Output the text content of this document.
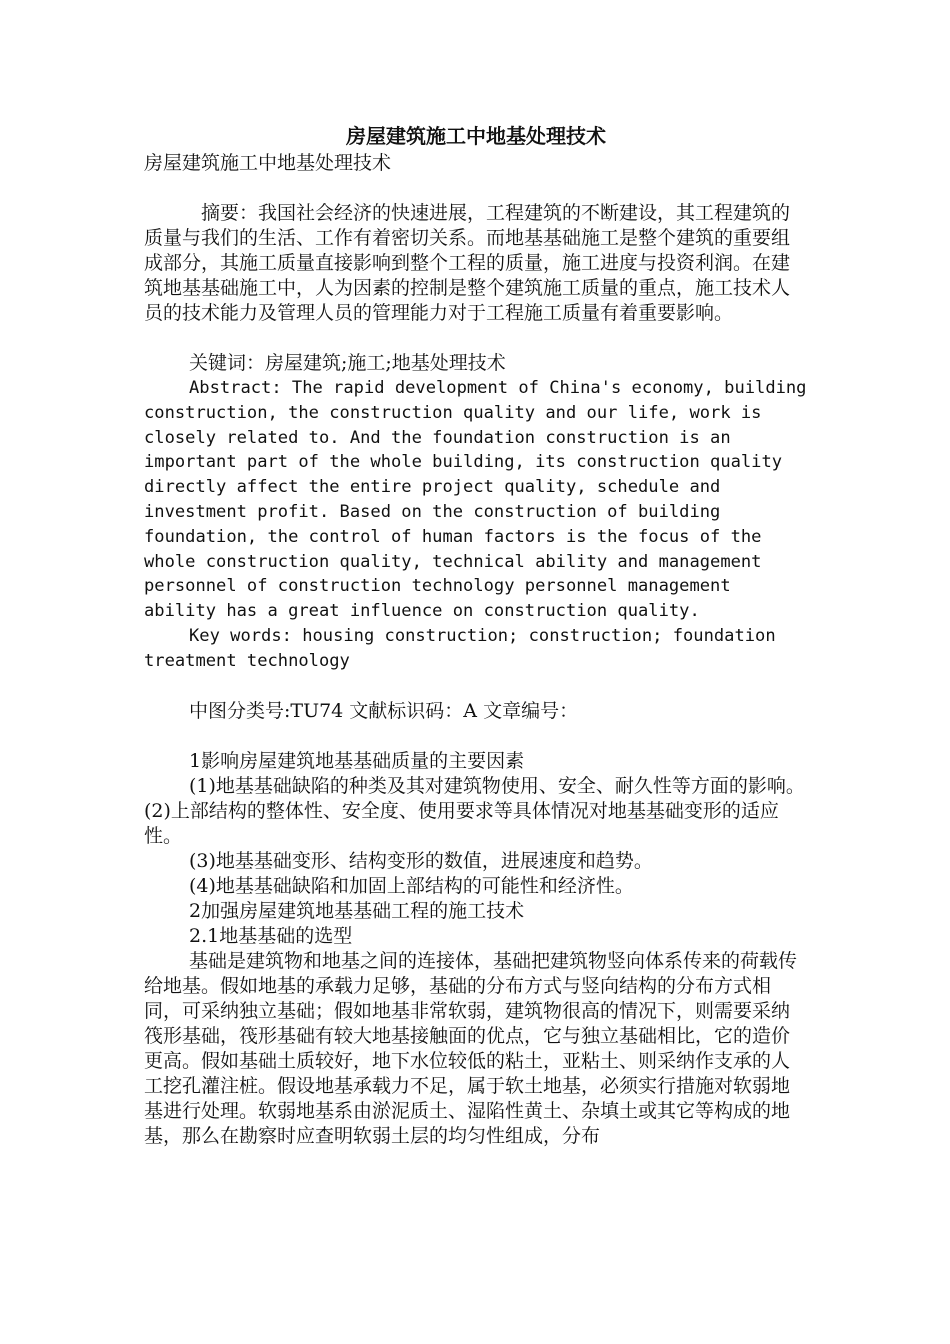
房屋建筑施工中地基处理技术

房屋建筑施工中地基处理技术

摘要：我国社会经济的快速进展，工程建筑的不断建设，其工程建筑的质量与我们的生活、工作有着密切关系。而地基基础施工是整个建筑的重要组成部分，其施工质量直接影响到整个工程的质量，施工进度与投资利润。在建筑地基基础施工中，人为因素的控制是整个建筑施工质量的重点，施工技术人员的技术能力及管理人员的管理能力对于工程施工质量有着重要影响。

关键词：房屋建筑;施工;地基处理技术

Abstract: The rapid development of China's economy, building construction, the construction quality and our life, work is closely related to. And the foundation construction is an important part of the whole building, its construction quality directly affect the entire project quality, schedule and investment profit. Based on the construction of building foundation, the control of human factors is the focus of the whole construction quality, technical ability and management personnel of construction technology personnel management ability has a great influence on construction quality.

Key words: housing construction; construction; foundation treatment technology

中图分类号:TU74 文献标识码：A 文章编号：

1影响房屋建筑地基基础质量的主要因素

(1)地基基础缺陷的种类及其对建筑物使用、安全、耐久性等方面的影响。 (2)上部结构的整体性、安全度、使用要求等具体情况对地基基础变形的适应性。

(3)地基基础变形、结构变形的数值，进展速度和趋势。

(4)地基基础缺陷和加固上部结构的可能性和经济性。

2加强房屋建筑地基基础工程的施工技术

2.1地基基础的选型

基础是建筑物和地基之间的连接体，基础把建筑物竖向体系传来的荷载传给地基。假如地基的承载力足够，基础的分布方式与竖向结构的分布方式相同，可采纳独立基础；假如地基非常软弱，建筑物很高的情况下，则需要采纳筏形基础，筏形基础有较大地基接触面的优点，它与独立基础相比，它的造价更高。假如基础土质较好，地下水位较低的粘土，亚粘土、则采纳作支承的人工挖孔灌注桩。假设地基承载力不足，属于软土地基，必须实行措施对软弱地基进行处理。软弱地基系由淤泥质土、湿陷性黄土、杂填土或其它等构成的地基，那么在勘察时应查明软弱土层的均匀性组成，分布
